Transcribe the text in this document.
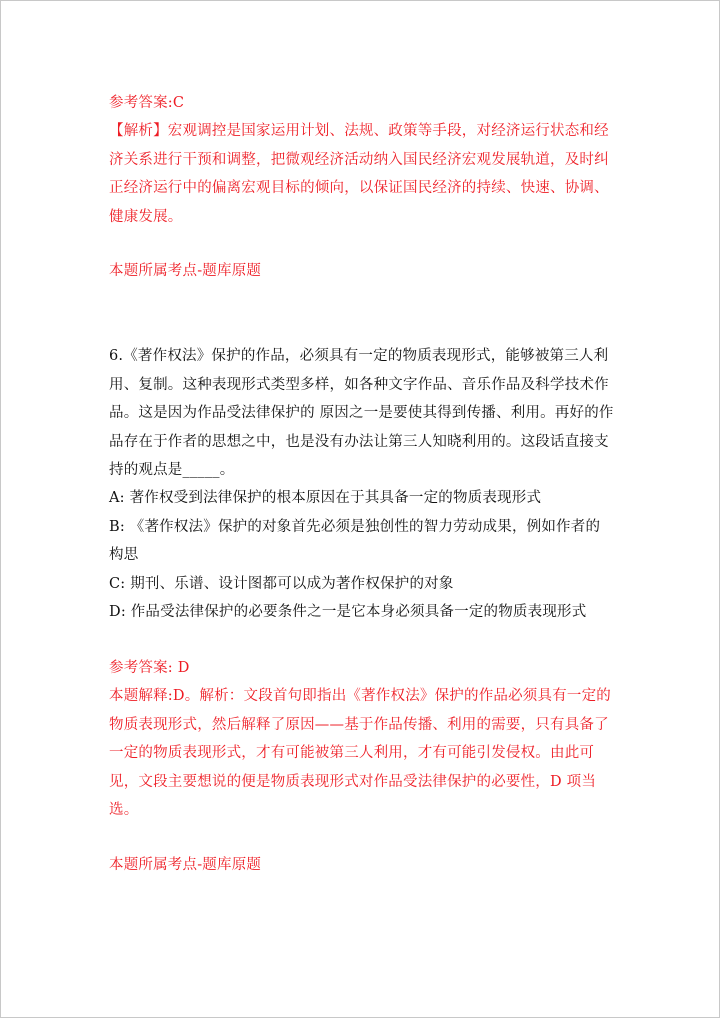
参考答案:C
【解析】宏观调控是国家运用计划、法规、政策等手段，对经济运行状态和经
济关系进行干预和调整，把微观经济活动纳入国民经济宏观发展轨道，及时纠
正经济运行中的偏离宏观目标的倾向，以保证国民经济的持续、快速、协调、
健康发展。
本题所属考点-题库原题
6.《著作权法》保护的作品，必须具有一定的物质表现形式，能够被第三人利
用、复制。这种表现形式类型多样，如各种文字作品、音乐作品及科学技术作
品。这是因为作品受法律保护的 原因之一是要使其得到传播、利用。再好的作
品存在于作者的思想之中，也是没有办法让第三人知晓利用的。这段话直接支
持的观点是_____。
A: 著作权受到法律保护的根本原因在于其具备一定的物质表现形式
B: 《著作权法》保护的对象首先必须是独创性的智力劳动成果，例如作者的
构思
C: 期刊、乐谱、设计图都可以成为著作权保护的对象
D: 作品受法律保护的必要条件之一是它本身必须具备一定的物质表现形式
参考答案: D
本题解释:D。解析：文段首句即指出《著作权法》保护的作品必须具有一定的
物质表现形式，然后解释了原因——基于作品传播、利用的需要，只有具备了
一定的物质表现形式，才有可能被第三人利用，才有可能引发侵权。由此可
见，文段主要想说的便是物质表现形式对作品受法律保护的必要性，D 项当
选。
本题所属考点-题库原题
